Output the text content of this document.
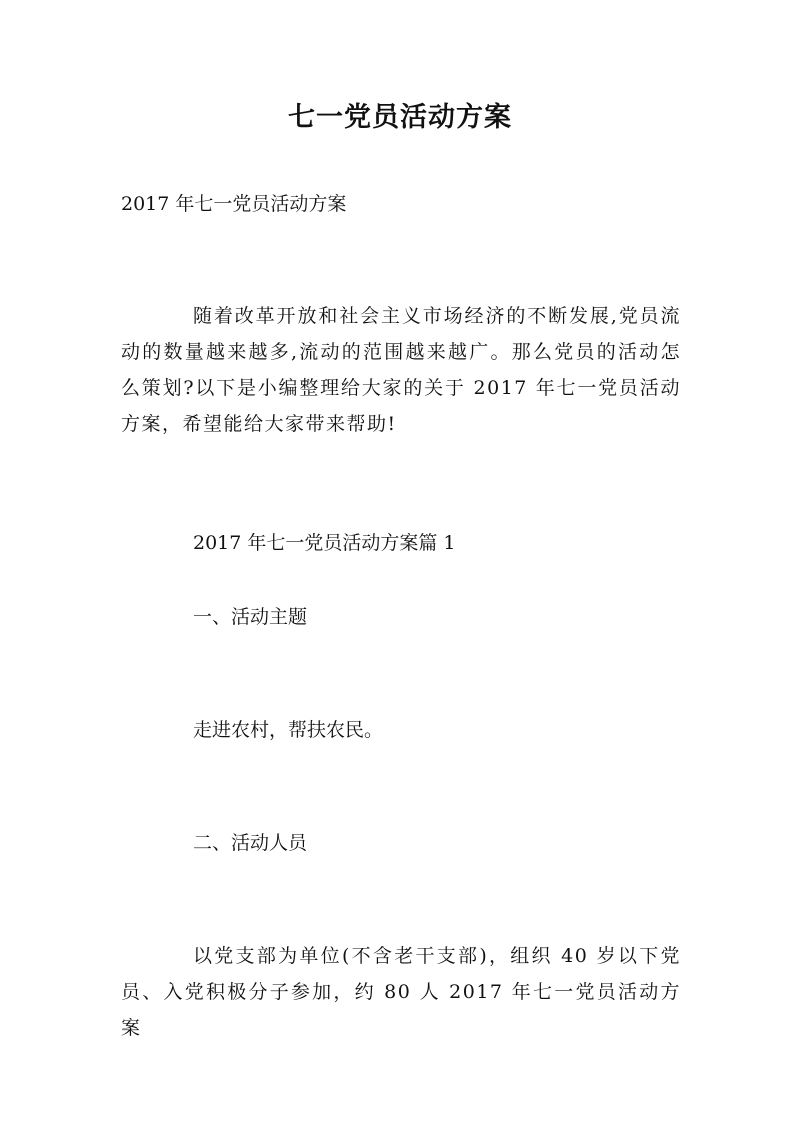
七一党员活动方案
2017 年七一党员活动方案
随着改革开放和社会主义市场经济的不断发展,党员流动的数量越来越多,流动的范围越来越广。那么党员的活动怎么策划?以下是小编整理给大家的关于 2017 年七一党员活动方案，希望能给大家带来帮助!
2017 年七一党员活动方案篇 1
一、活动主题
走进农村，帮扶农民。
二、活动人员
以党支部为单位(不含老干支部)，组织 40 岁以下党员、入党积极分子参加，约 80 人 2017 年七一党员活动方案
